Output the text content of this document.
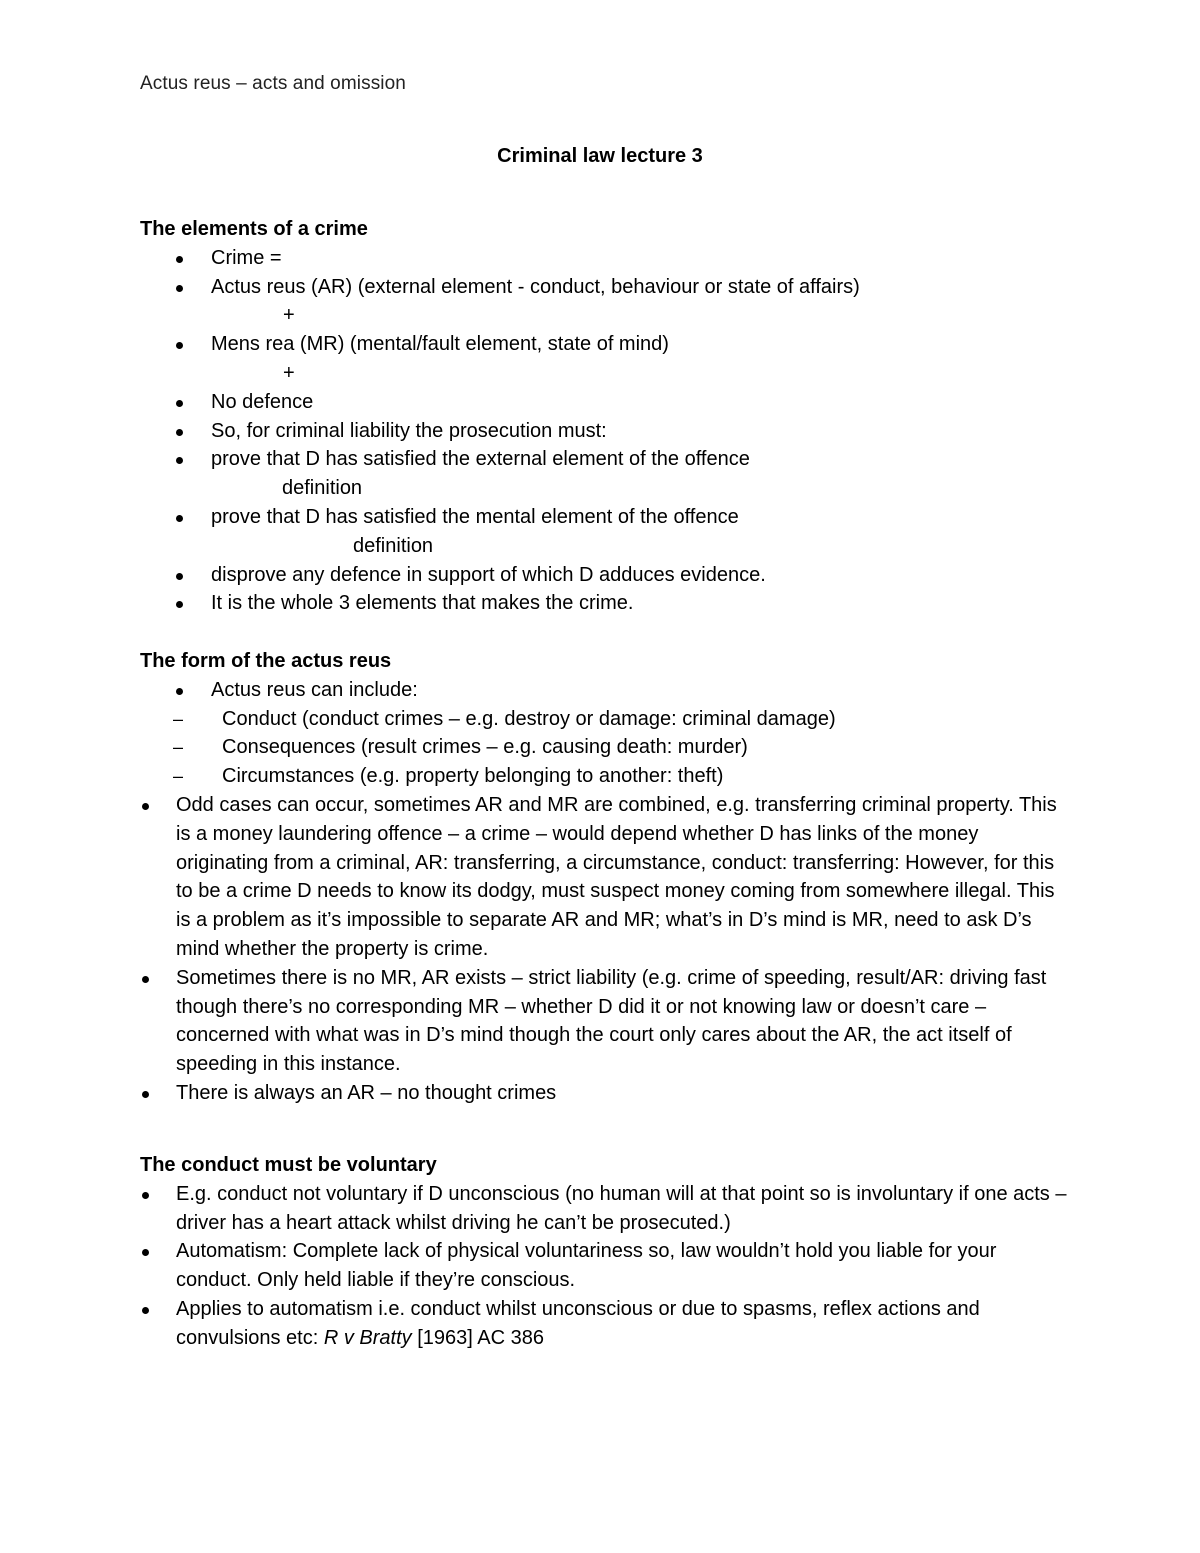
Actus reus – acts and omission
Criminal law lecture 3
The elements of a crime
Crime =
Actus reus (AR) (external element - conduct, behaviour or state of affairs)
+
Mens rea (MR) (mental/fault element, state of mind)
+
No defence
So, for criminal liability the prosecution must:
prove that D has satisfied the external element of the offence
definition
prove that D has satisfied the mental element of the offence
definition
disprove any defence in support of which D adduces evidence.
It is the whole 3 elements that makes the crime.
The form of the actus reus
Actus reus can include:
– Conduct (conduct crimes – e.g. destroy or damage: criminal damage)
– Consequences (result crimes – e.g. causing death: murder)
– Circumstances (e.g. property belonging to another: theft)
Odd cases can occur, sometimes AR and MR are combined, e.g. transferring criminal property. This is a money laundering offence – a crime – would depend whether D has links of the money originating from a criminal, AR: transferring, a circumstance, conduct: transferring: However, for this to be a crime D needs to know its dodgy, must suspect money coming from somewhere illegal. This is a problem as it’s impossible to separate AR and MR; what’s in D’s mind is MR, need to ask D’s mind whether the property is crime.
Sometimes there is no MR, AR exists – strict liability (e.g. crime of speeding, result/AR: driving fast though there’s no corresponding MR – whether D did it or not knowing law or doesn’t care – concerned with what was in D’s mind though the court only cares about the AR, the act itself of speeding in this instance.
There is always an AR – no thought crimes
The conduct must be voluntary
E.g. conduct not voluntary if D unconscious (no human will at that point so is involuntary if one acts – driver has a heart attack whilst driving he can’t be prosecuted.)
Automatism: Complete lack of physical voluntariness so, law wouldn’t hold you liable for your conduct. Only held liable if they’re conscious.
Applies to automatism i.e. conduct whilst unconscious or due to spasms, reflex actions and convulsions etc: R v Bratty [1963] AC 386
